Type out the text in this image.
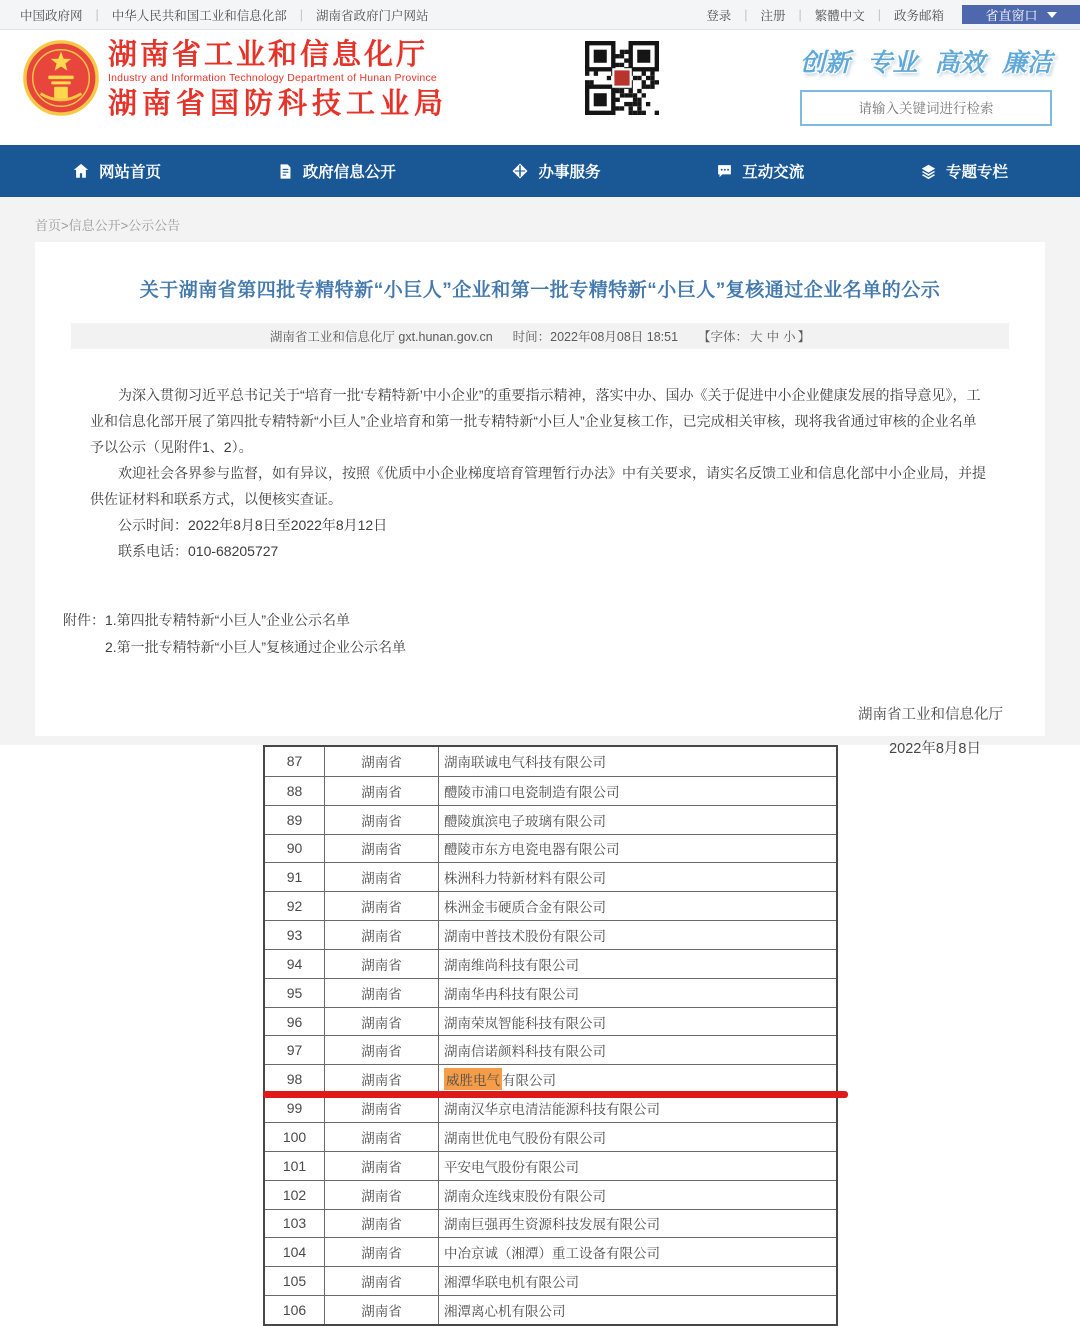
中国政府网 | 中华人民共和国工业和信息化部 | 湖南省政府门户网站	登录 | 注册 | 繁體中文 | 政务邮箱	省直窗口
湖南省工业和信息化厅
Industry and Information Technology Department of Hunan Province
湖南省国防科技工业局
创新 专业 高效 廉洁
请输入关键词进行检索
网站首页	政府信息公开	办事服务	互动交流	专题专栏
首页>信息公开>公示公告
关于湖南省第四批专精特新“小巨人”企业和第一批专精特新“小巨人”复核通过企业名单的公示
湖南省工业和信息化厅 gxt.hunan.gov.cn 时间：2022年08月08日 18:51 【字体： 大 中 小 】

为深入贯彻习近平总书记关于“培育一批‘专精特新’中小企业”的重要指示精神，落实中办、国办《关于促进中小企业健康发展的指导意见》，工业和信息化部开展了第四批专精特新“小巨人”企业培育和第一批专精特新“小巨人”企业复核工作，已完成相关审核，现将我省通过审核的企业名单予以公示（见附件1、2）。

欢迎社会各界参与监督，如有异议，按照《优质中小企业梯度培育管理暂行办法》中有关要求，请实名反馈工业和信息化部中小企业局，并提供佐证材料和联系方式，以便核实查证。

公示时间：2022年8月8日至2022年8月12日

联系电话：010-68205727

附件：1.第四批专精特新“小巨人”企业公示名单
2.第一批专精特新“小巨人”复核通过企业公示名单
湖南省工业和信息化厅
2022年8月8日
87	湖南省	湖南联诚电气科技有限公司
88	湖南省	醴陵市浦口电瓷制造有限公司
89	湖南省	醴陵旗滨电子玻璃有限公司
90	湖南省	醴陵市东方电瓷电器有限公司
91	湖南省	株洲科力特新材料有限公司
92	湖南省	株洲金韦硬质合金有限公司
93	湖南省	湖南中普技术股份有限公司
94	湖南省	湖南维尚科技有限公司
95	湖南省	湖南华冉科技有限公司
96	湖南省	湖南荣岚智能科技有限公司
97	湖南省	湖南信诺颜料科技有限公司
98	湖南省	威胜电气 有限公司
99	湖南省	湖南汉华京电清洁能源科技有限公司
100	湖南省	湖南世优电气股份有限公司
101	湖南省	平安电气股份有限公司
102	湖南省	湖南众连线束股份有限公司
103	湖南省	湖南巨强再生资源科技发展有限公司
104	湖南省	中冶京诚（湘潭）重工设备有限公司
105	湖南省	湘潭华联电机有限公司
106	湖南省	湘潭离心机有限公司
